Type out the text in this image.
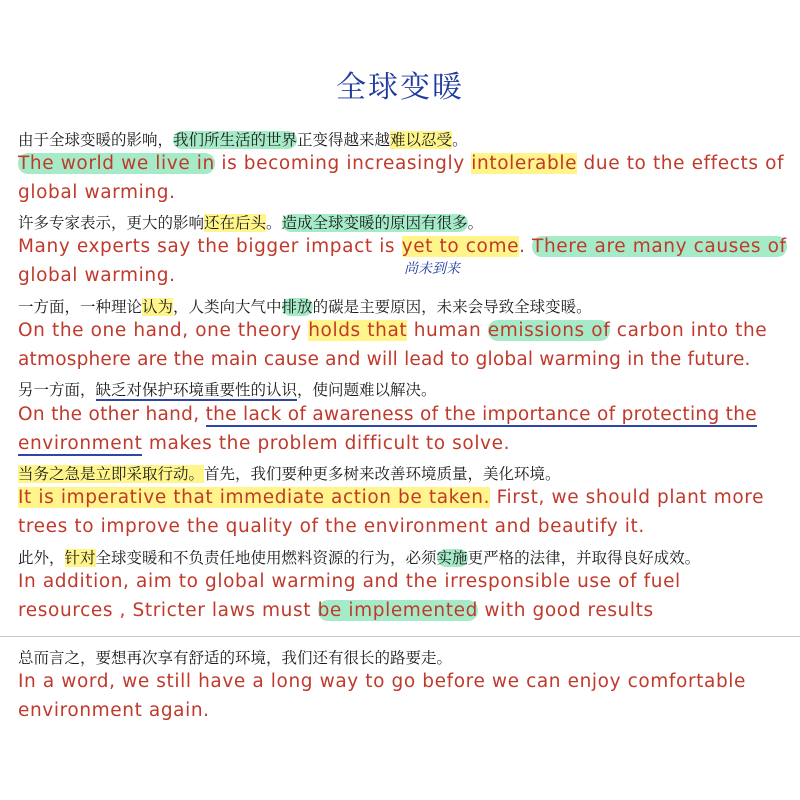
全球变暖
由于全球变暖的影响，我们所生活的世界正变得越来越难以忍受。
The world we live in is becoming increasingly intolerable due to the effects of
global warming.
许多专家表示，更大的影响还在后头。造成全球变暖的原因有很多。
Many experts say the bigger impact is yet to come. There are many causes of
尚未到来
global warming.
一方面，一种理论认为，人类向大气中排放的碳是主要原因，未来会导致全球变暖。
On the one hand, one theory holds that human emissions of carbon into the
atmosphere are the main cause and will lead to global warming in the future.
另一方面，缺乏对保护环境重要性的认识，使问题难以解决。
On the other hand, the lack of awareness of the importance of protecting the
environment makes the problem difficult to solve.
当务之急是立即采取行动。首先，我们要种更多树来改善环境质量，美化环境。
It is imperative that immediate action be taken. First, we should plant more
trees to improve the quality of the environment and beautify it.
此外，针对全球变暖和不负责任地使用燃料资源的行为，必须实施更严格的法律，并取得良好成效。
In addition, aim to global warming and the irresponsible use of fuel
resources , Stricter laws must be implemented with good results
总而言之，要想再次享有舒适的环境，我们还有很长的路要走。
In a word, we still have a long way to go before we can enjoy comfortable
environment again.
